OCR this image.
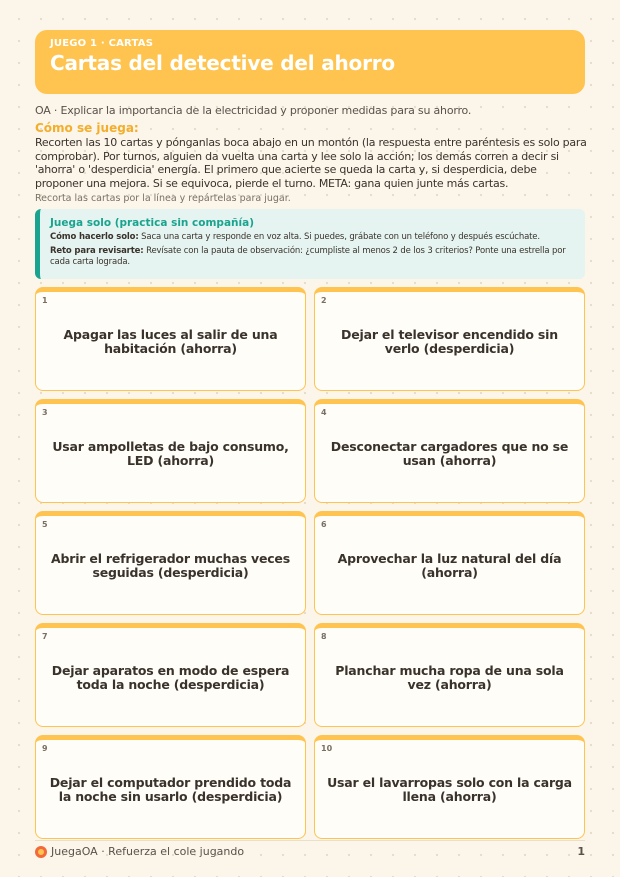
JUEGO 1 · CARTAS
Cartas del detective del ahorro
OA · Explicar la importancia de la electricidad y proponer medidas para su ahorro.
Cómo se juega:
Recorten las 10 cartas y pónganlas boca abajo en un montón (la respuesta entre paréntesis es solo para comprobar). Por turnos, alguien da vuelta una carta y lee solo la acción; los demás corren a decir si 'ahorra' o 'desperdicia' energía. El primero que acierte se queda la carta y, si desperdicia, debe proponer una mejora. Si se equivoca, pierde el turno. META: gana quien junte más cartas.
Recorta las cartas por la línea y repártelas para jugar.
Juega solo (practica sin compañía)
Cómo hacerlo solo: Saca una carta y responde en voz alta. Si puedes, grábate con un teléfono y después escúchate.
Reto para revisarte: Revísate con la pauta de observación: ¿cumpliste al menos 2 de los 3 criterios? Ponte una estrella por cada carta lograda.
1
Apagar las luces al salir de una habitación (ahorra)
2
Dejar el televisor encendido sin verlo (desperdicia)
3
Usar ampolletas de bajo consumo, LED (ahorra)
4
Desconectar cargadores que no se usan (ahorra)
5
Abrir el refrigerador muchas veces seguidas (desperdicia)
6
Aprovechar la luz natural del día (ahorra)
7
Dejar aparatos en modo de espera toda la noche (desperdicia)
8
Planchar mucha ropa de una sola vez (ahorra)
9
Dejar el computador prendido toda la noche sin usarlo (desperdicia)
10
Usar el lavarropas solo con la carga llena (ahorra)
JuegaOA · Refuerza el cole jugando	1
